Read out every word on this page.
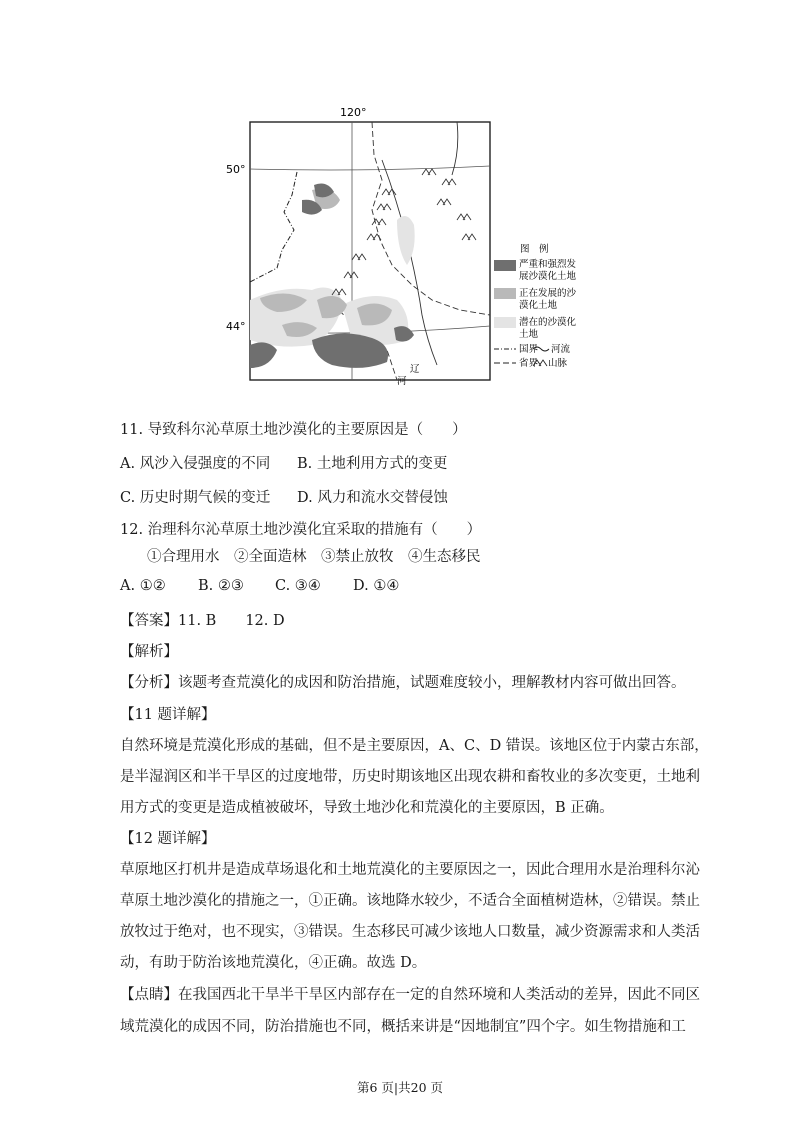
120°
50°
44°
辽
河
图　例
严重和强烈发
展沙漠化土地
正在发展的沙
漠化土地
潜在的沙漠化
土地
国界 河流
省界 山脉
11. 导致科尔沁草原土地沙漠化的主要原因是（　　）
A. 风沙入侵强度的不同 B. 土地利用方式的变更
C. 历史时期气候的变迁 D. 风力和流水交替侵蚀
12. 治理科尔沁草原土地沙漠化宜采取的措施有（　　）
①合理用水　②全面造林　③禁止放牧　④生态移民
A. ①② B. ②③ C. ③④ D. ①④
【答案】11. B　　12. D
【解析】
【分析】该题考查荒漠化的成因和防治措施，试题难度较小，理解教材内容可做出回答。
【11 题详解】
自然环境是荒漠化形成的基础，但不是主要原因，A、C、D 错误。该地区位于内蒙古东部，
是半湿润区和半干旱区的过度地带，历史时期该地区出现农耕和畜牧业的多次变更，土地利
用方式的变更是造成植被破坏，导致土地沙化和荒漠化的主要原因，B 正确。
【12 题详解】
草原地区打机井是造成草场退化和土地荒漠化的主要原因之一，因此合理用水是治理科尔沁
草原土地沙漠化的措施之一，①正确。该地降水较少，不适合全面植树造林，②错误。禁止
放牧过于绝对，也不现实，③错误。生态移民可减少该地人口数量，减少资源需求和人类活
动，有助于防治该地荒漠化，④正确。故选 D。
【点睛】在我国西北干旱半干旱区内部存在一定的自然环境和人类活动的差异，因此不同区
域荒漠化的成因不同，防治措施也不同，概括来讲是“因地制宜”四个字。如生物措施和工
第6 页|共20 页
